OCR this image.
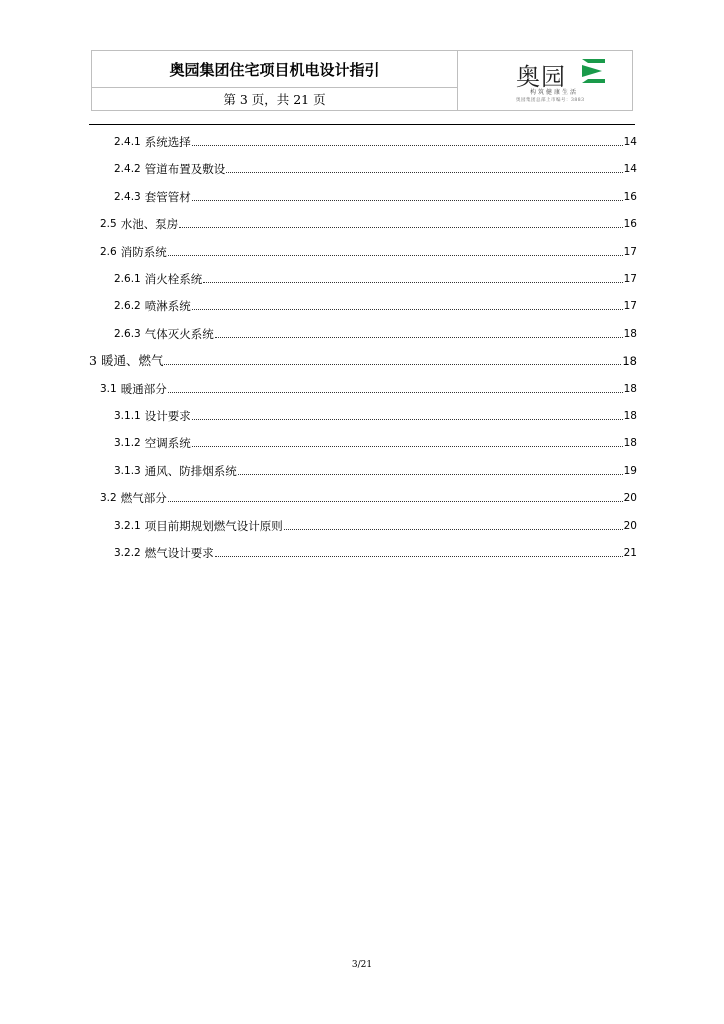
奥园集团住宅项目机电设计指引
第 3 页，共 21 页
奥园
构筑健康生活
奥园集团总部上市编号：3883
2.4.1 系统选择	14
2.4.2 管道布置及敷设	14
2.4.3 套管管材	16
2.5 水池、泵房	16
2.6 消防系统	17
2.6.1 消火栓系统	17
2.6.2 喷淋系统	17
2.6.3 气体灭火系统	18
3 暖通、燃气	18
3.1 暖通部分	18
3.1.1 设计要求	18
3.1.2 空调系统	18
3.1.3 通风、防排烟系统	19
3.2 燃气部分	20
3.2.1 项目前期规划燃气设计原则	20
3.2.2 燃气设计要求	21
3/21
